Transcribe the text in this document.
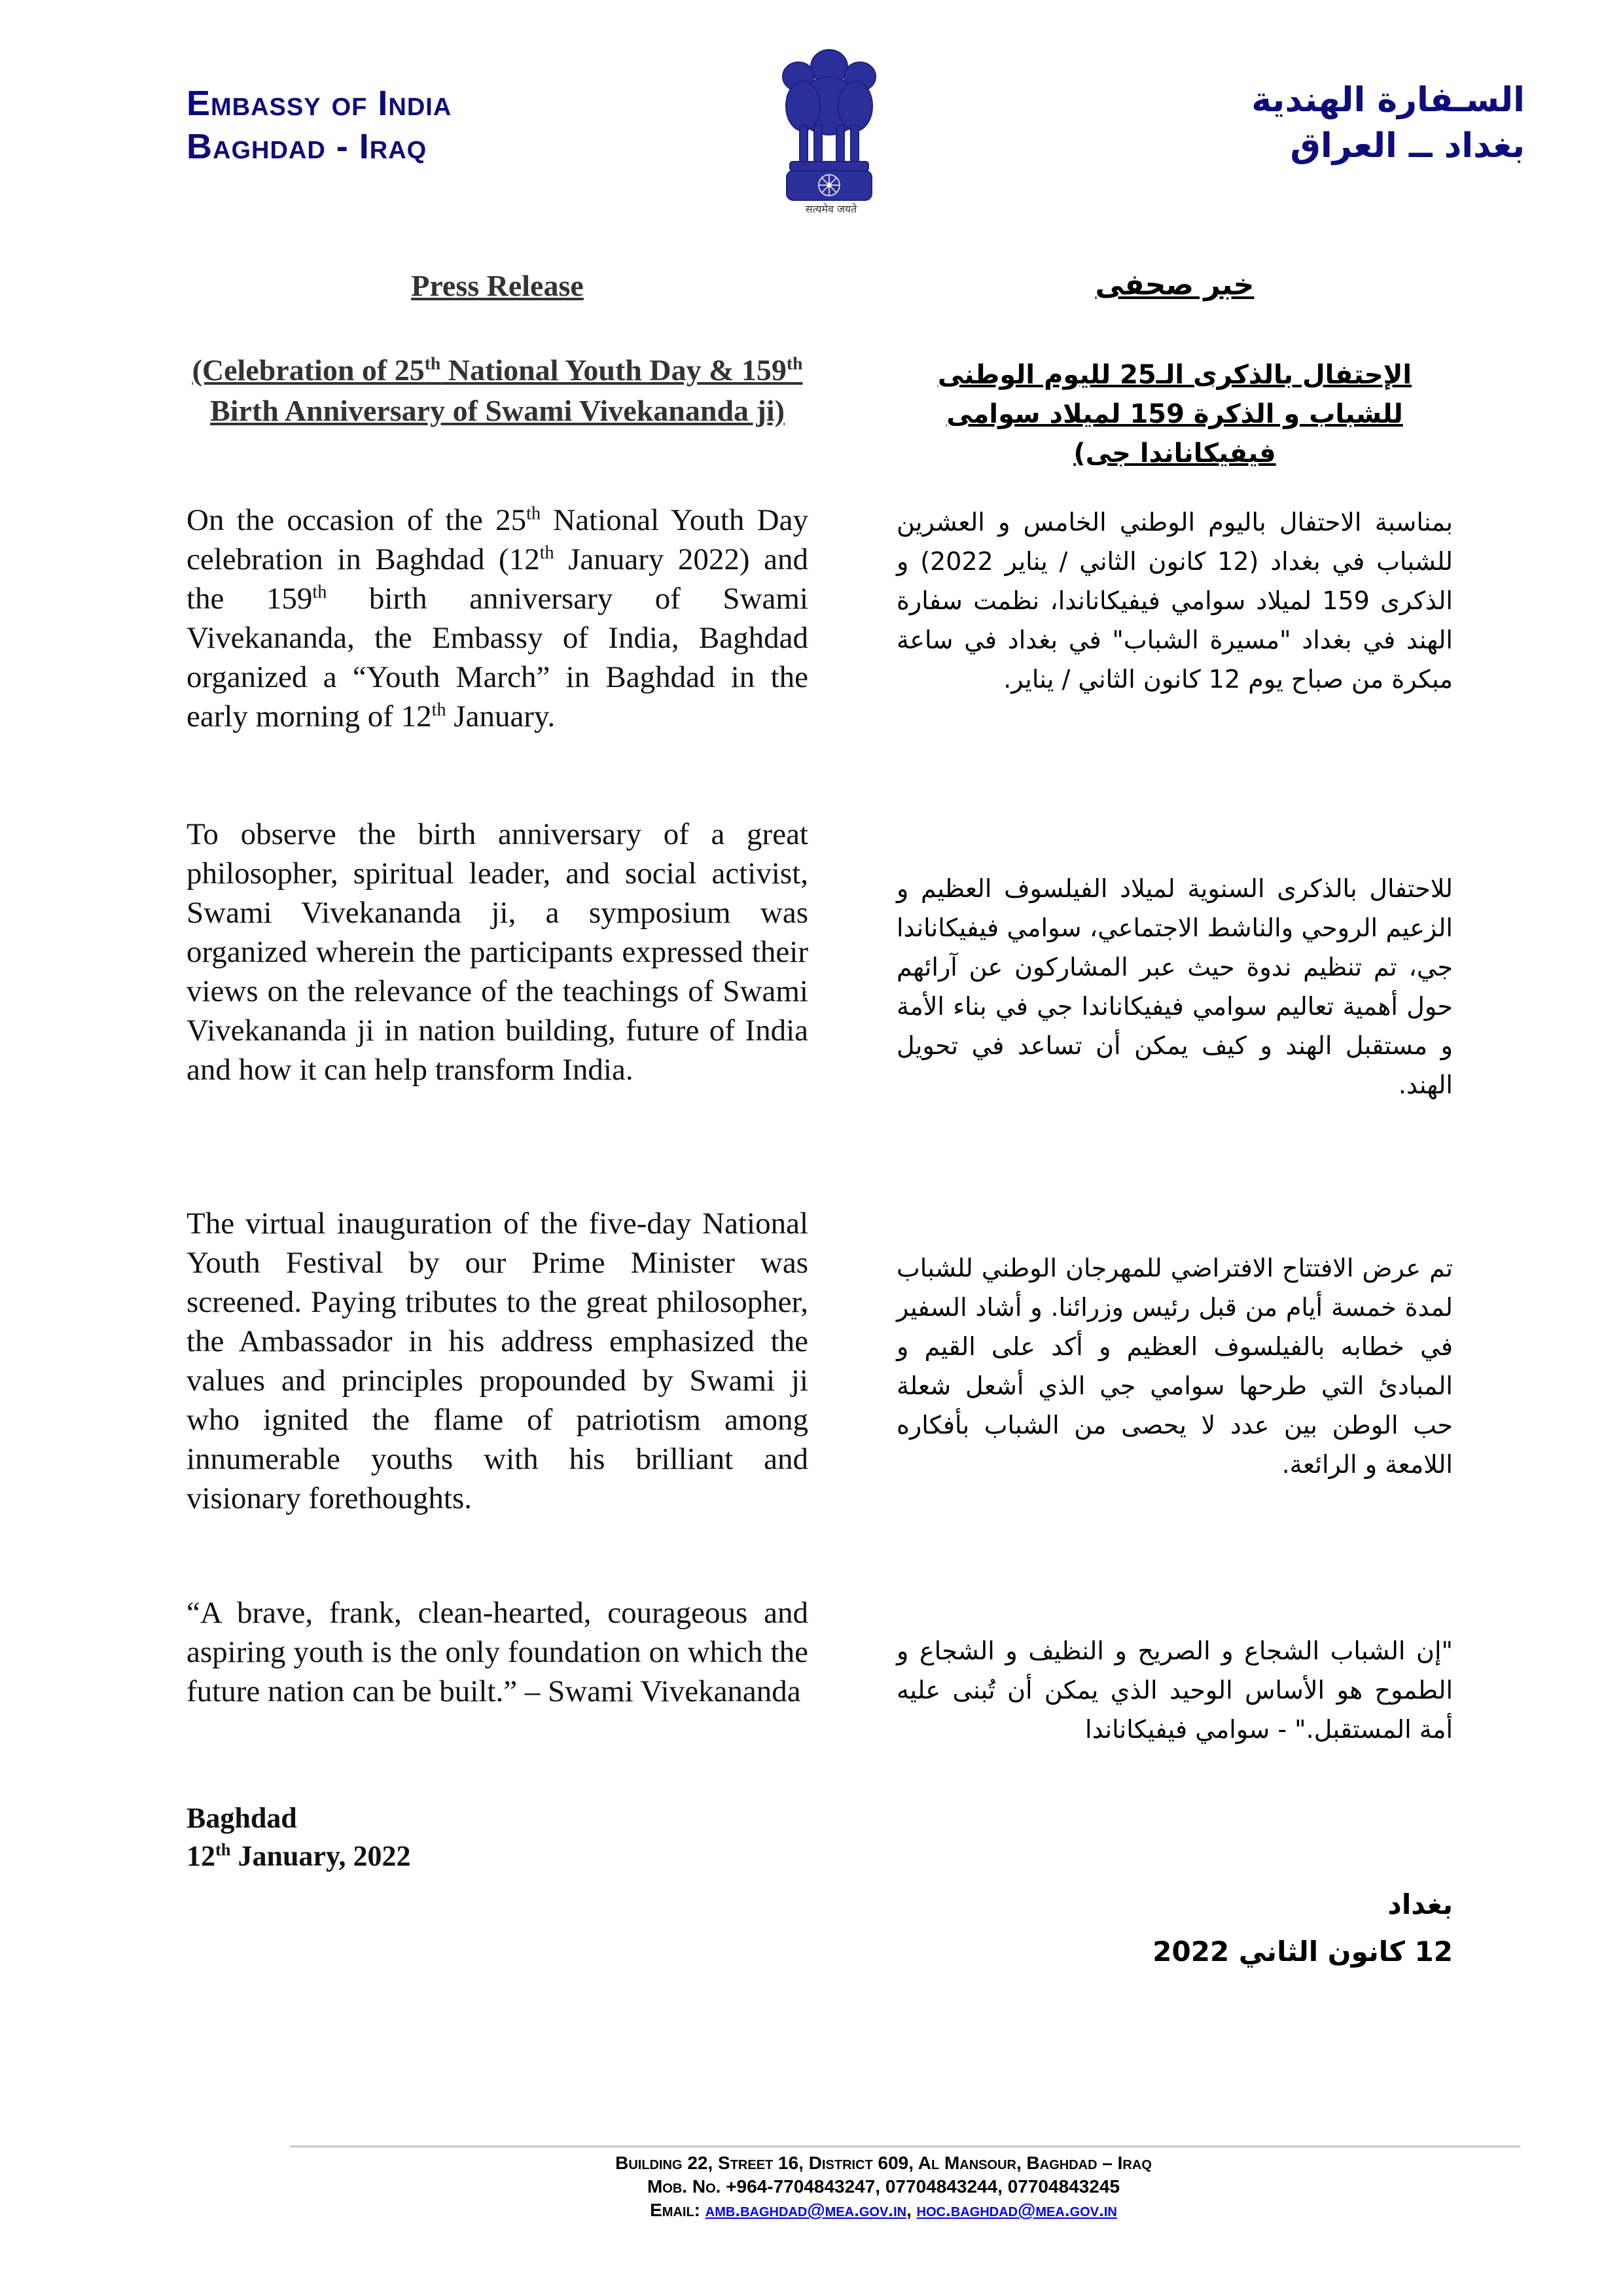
Embassy of India
Baghdad - Iraq
सत्यमेव जयते
السـفارة الهندية
بغداد ــ العراق
Press Release
(Celebration of 25th National Youth Day & 159th Birth Anniversary of Swami Vivekananda ji)

On the occasion of the 25th National Youth Day celebration in Baghdad (12th January 2022) and the 159th birth anniversary of Swami Vivekananda, the Embassy of India, Baghdad organized a “Youth March” in Baghdad in the early morning of 12th January.

To observe the birth anniversary of a great philosopher, spiritual leader, and social activist, Swami Vivekananda ji, a symposium was organized wherein the participants expressed their views on the relevance of the teachings of Swami Vivekananda ji in nation building, future of India and how it can help transform India.

The virtual inauguration of the five-day National Youth Festival by our Prime Minister was screened. Paying tributes to the great philosopher, the Ambassador in his address emphasized the values and principles propounded by Swami ji who ignited the flame of patriotism among innumerable youths with his brilliant and visionary forethoughts.

“A brave, frank, clean-hearted, courageous and aspiring youth is the only foundation on which the future nation can be built.” – Swami Vivekananda

Baghdad
12th January, 2022
خبر صحفى
الإحتفال بالذكرى الـ25 لليوم الوطنى للشباب و الذكرة 159 لميلاد سوامى فيفيكاناندا جى)

بمناسبة الاحتفال باليوم الوطني الخامس و العشرين للشباب في بغداد (12 كانون الثاني / يناير 2022) و الذكرى 159 لميلاد سوامي فيفيكاناندا، نظمت سفارة الهند في بغداد "مسيرة الشباب" في بغداد في ساعة مبكرة من صباح يوم 12 كانون الثاني / يناير.

للاحتفال بالذكرى السنوية لميلاد الفيلسوف العظيم و الزعيم الروحي والناشط الاجتماعي، سوامي فيفيكاناندا جي، تم تنظيم ندوة حيث عبر المشاركون عن آرائهم حول أهمية تعاليم سوامي فيفيكاناندا جي في بناء الأمة و مستقبل الهند و كيف يمكن أن تساعد في تحويل الهند.

تم عرض الافتتاح الافتراضي للمهرجان الوطني للشباب لمدة خمسة أيام من قبل رئيس وزرائنا. و أشاد السفير في خطابه بالفيلسوف العظيم و أكد على القيم و المبادئ التي طرحها سوامي جي الذي أشعل شعلة حب الوطن بين عدد لا يحصى من الشباب بأفكاره اللامعة و الرائعة.

"إن الشباب الشجاع و الصريح و النظيف و الشجاع و الطموح هو الأساس الوحيد الذي يمكن أن تُبنى عليه أمة المستقبل." - سوامي فيفيكاناندا

بغداد
12 كانون الثاني 2022
Building 22, Street 16, District 609, Al Mansour, Baghdad – Iraq
Mob. No. +964-7704843247, 07704843244, 07704843245
Email: amb.baghdad@mea.gov.in, hoc.baghdad@mea.gov.in
